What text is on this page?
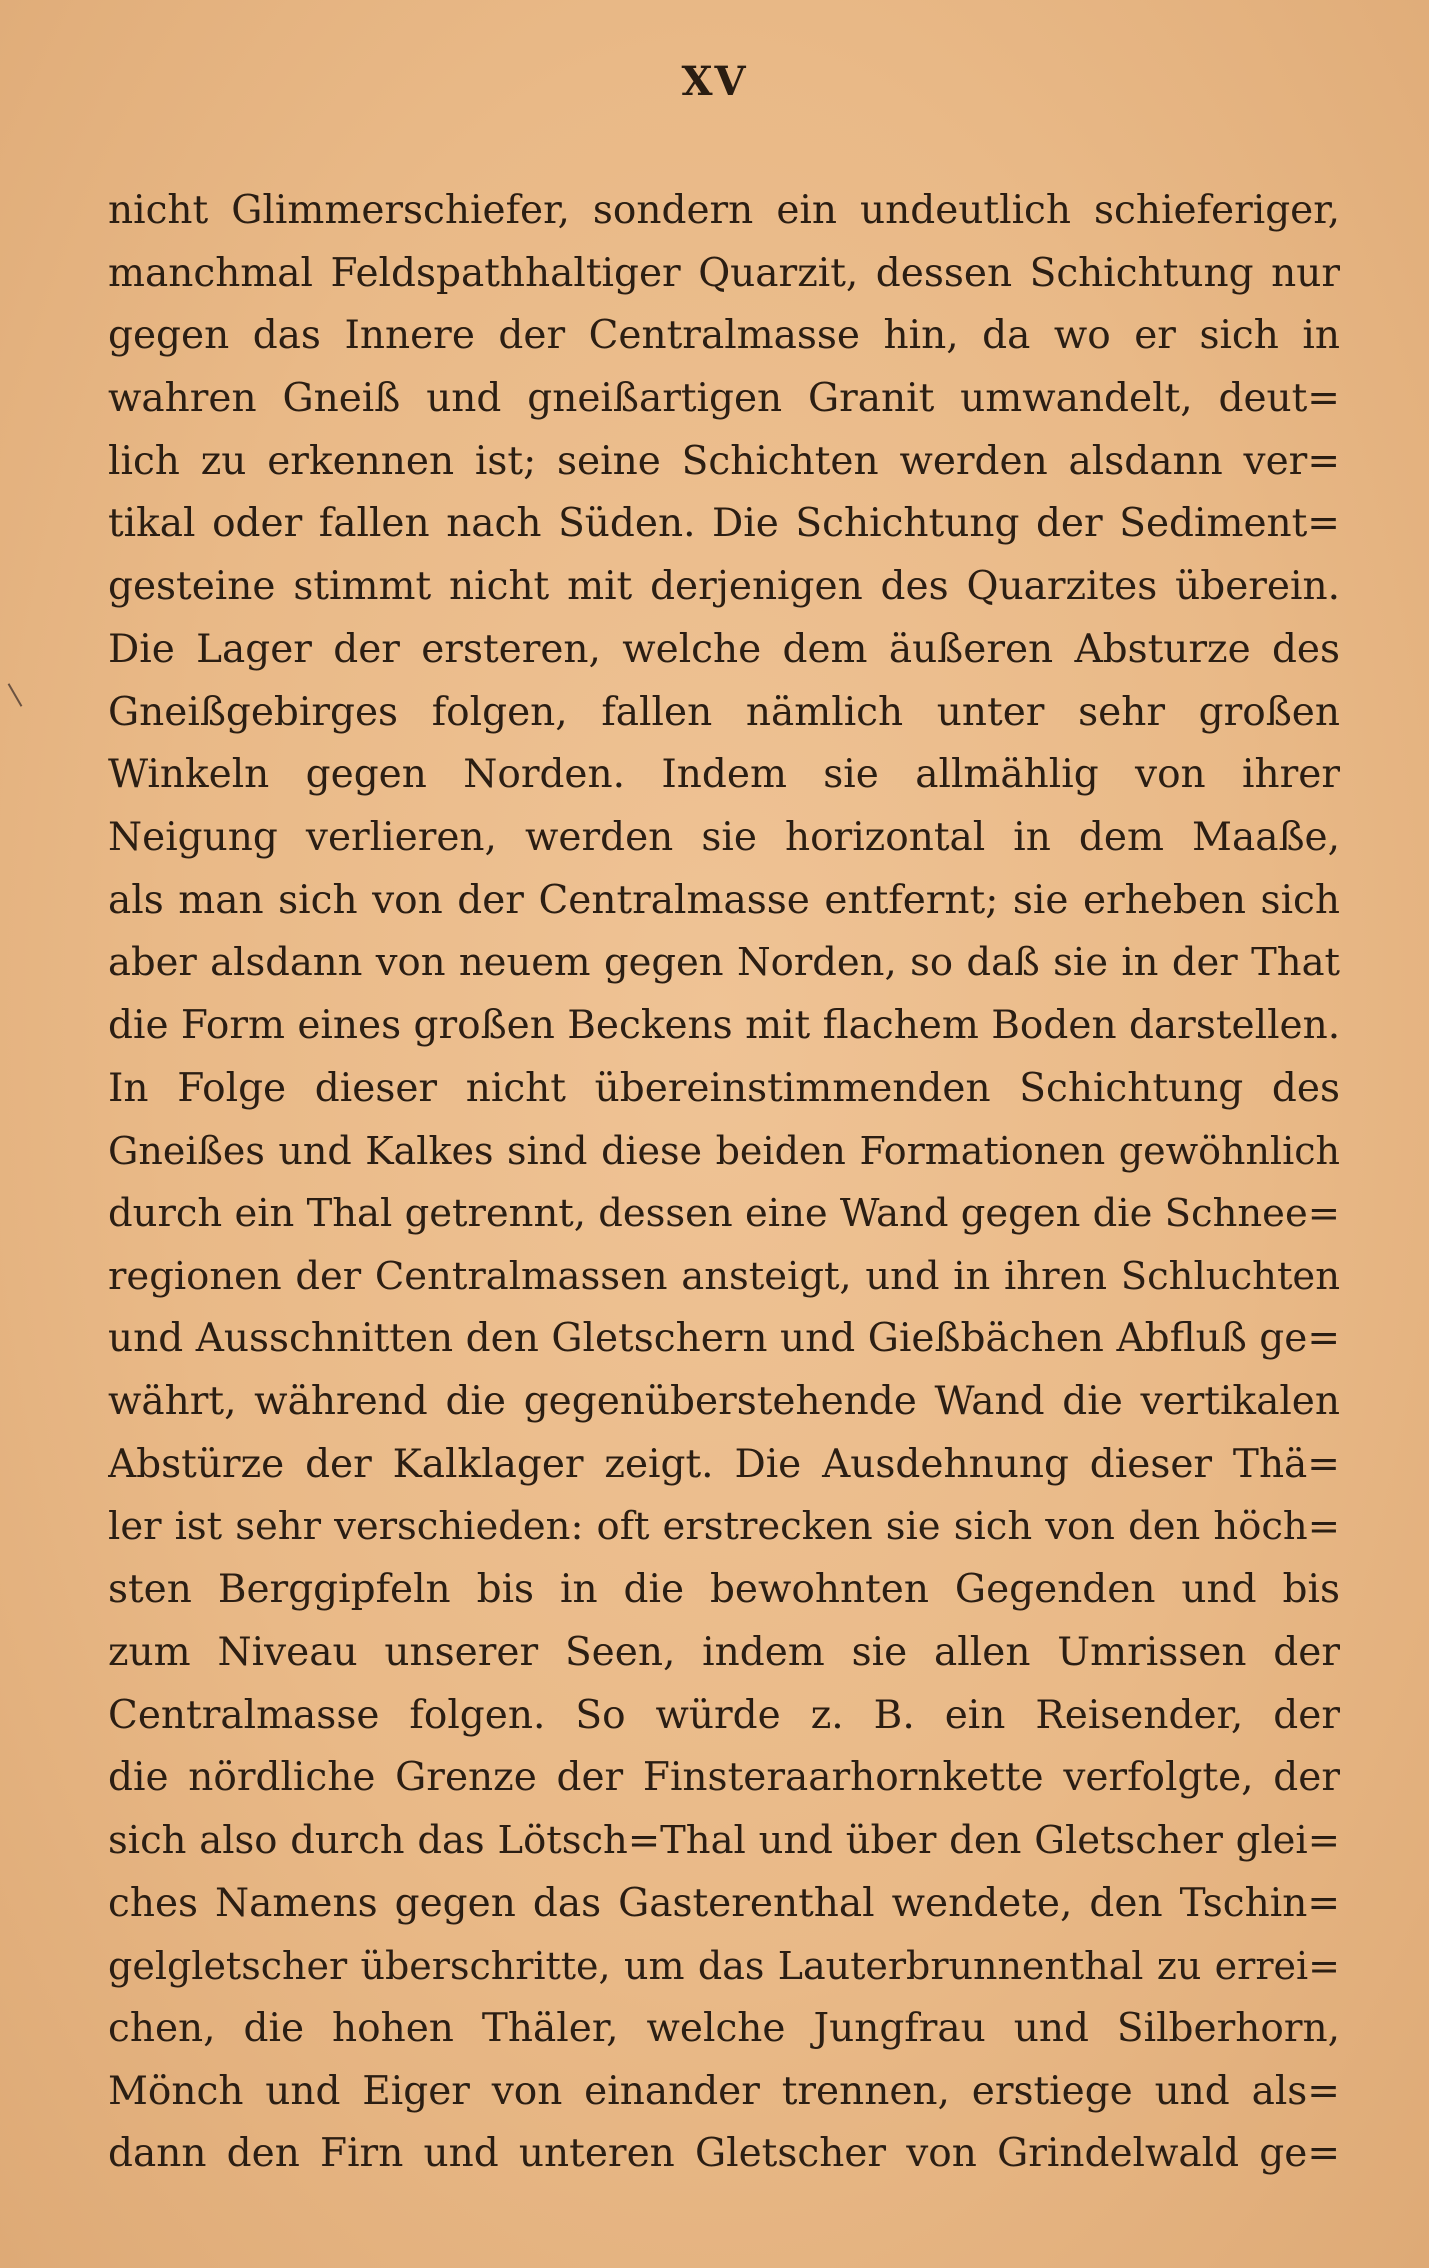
XV
nicht Glimmerschiefer, sondern ein undeutlich schieferiger,
manchmal Feldspathhaltiger Quarzit, dessen Schichtung nur
gegen das Innere der Centralmasse hin, da wo er sich in
wahren Gneiß und gneißartigen Granit umwandelt, deut=
lich zu erkennen ist; seine Schichten werden alsdann ver=
tikal oder fallen nach Süden. Die Schichtung der Sediment=
gesteine stimmt nicht mit derjenigen des Quarzites überein.
Die Lager der ersteren, welche dem äußeren Absturze des
Gneißgebirges folgen, fallen nämlich unter sehr großen
Winkeln gegen Norden. Indem sie allmählig von ihrer
Neigung verlieren, werden sie horizontal in dem Maaße,
als man sich von der Centralmasse entfernt; sie erheben sich
aber alsdann von neuem gegen Norden, so daß sie in der That
die Form eines großen Beckens mit flachem Boden darstellen.
In Folge dieser nicht übereinstimmenden Schichtung des
Gneißes und Kalkes sind diese beiden Formationen gewöhnlich
durch ein Thal getrennt, dessen eine Wand gegen die Schnee=
regionen der Centralmassen ansteigt, und in ihren Schluchten
und Ausschnitten den Gletschern und Gießbächen Abfluß ge=
währt, während die gegenüberstehende Wand die vertikalen
Abstürze der Kalklager zeigt. Die Ausdehnung dieser Thä=
ler ist sehr verschieden: oft erstrecken sie sich von den höch=
sten Berggipfeln bis in die bewohnten Gegenden und bis
zum Niveau unserer Seen, indem sie allen Umrissen der
Centralmasse folgen. So würde z. B. ein Reisender, der
die nördliche Grenze der Finsteraarhornkette verfolgte, der
sich also durch das Lötsch=Thal und über den Gletscher glei=
ches Namens gegen das Gasterenthal wendete, den Tschin=
gelgletscher überschritte, um das Lauterbrunnenthal zu errei=
chen, die hohen Thäler, welche Jungfrau und Silberhorn,
Mönch und Eiger von einander trennen, erstiege und als=
dann den Firn und unteren Gletscher von Grindelwald ge=
